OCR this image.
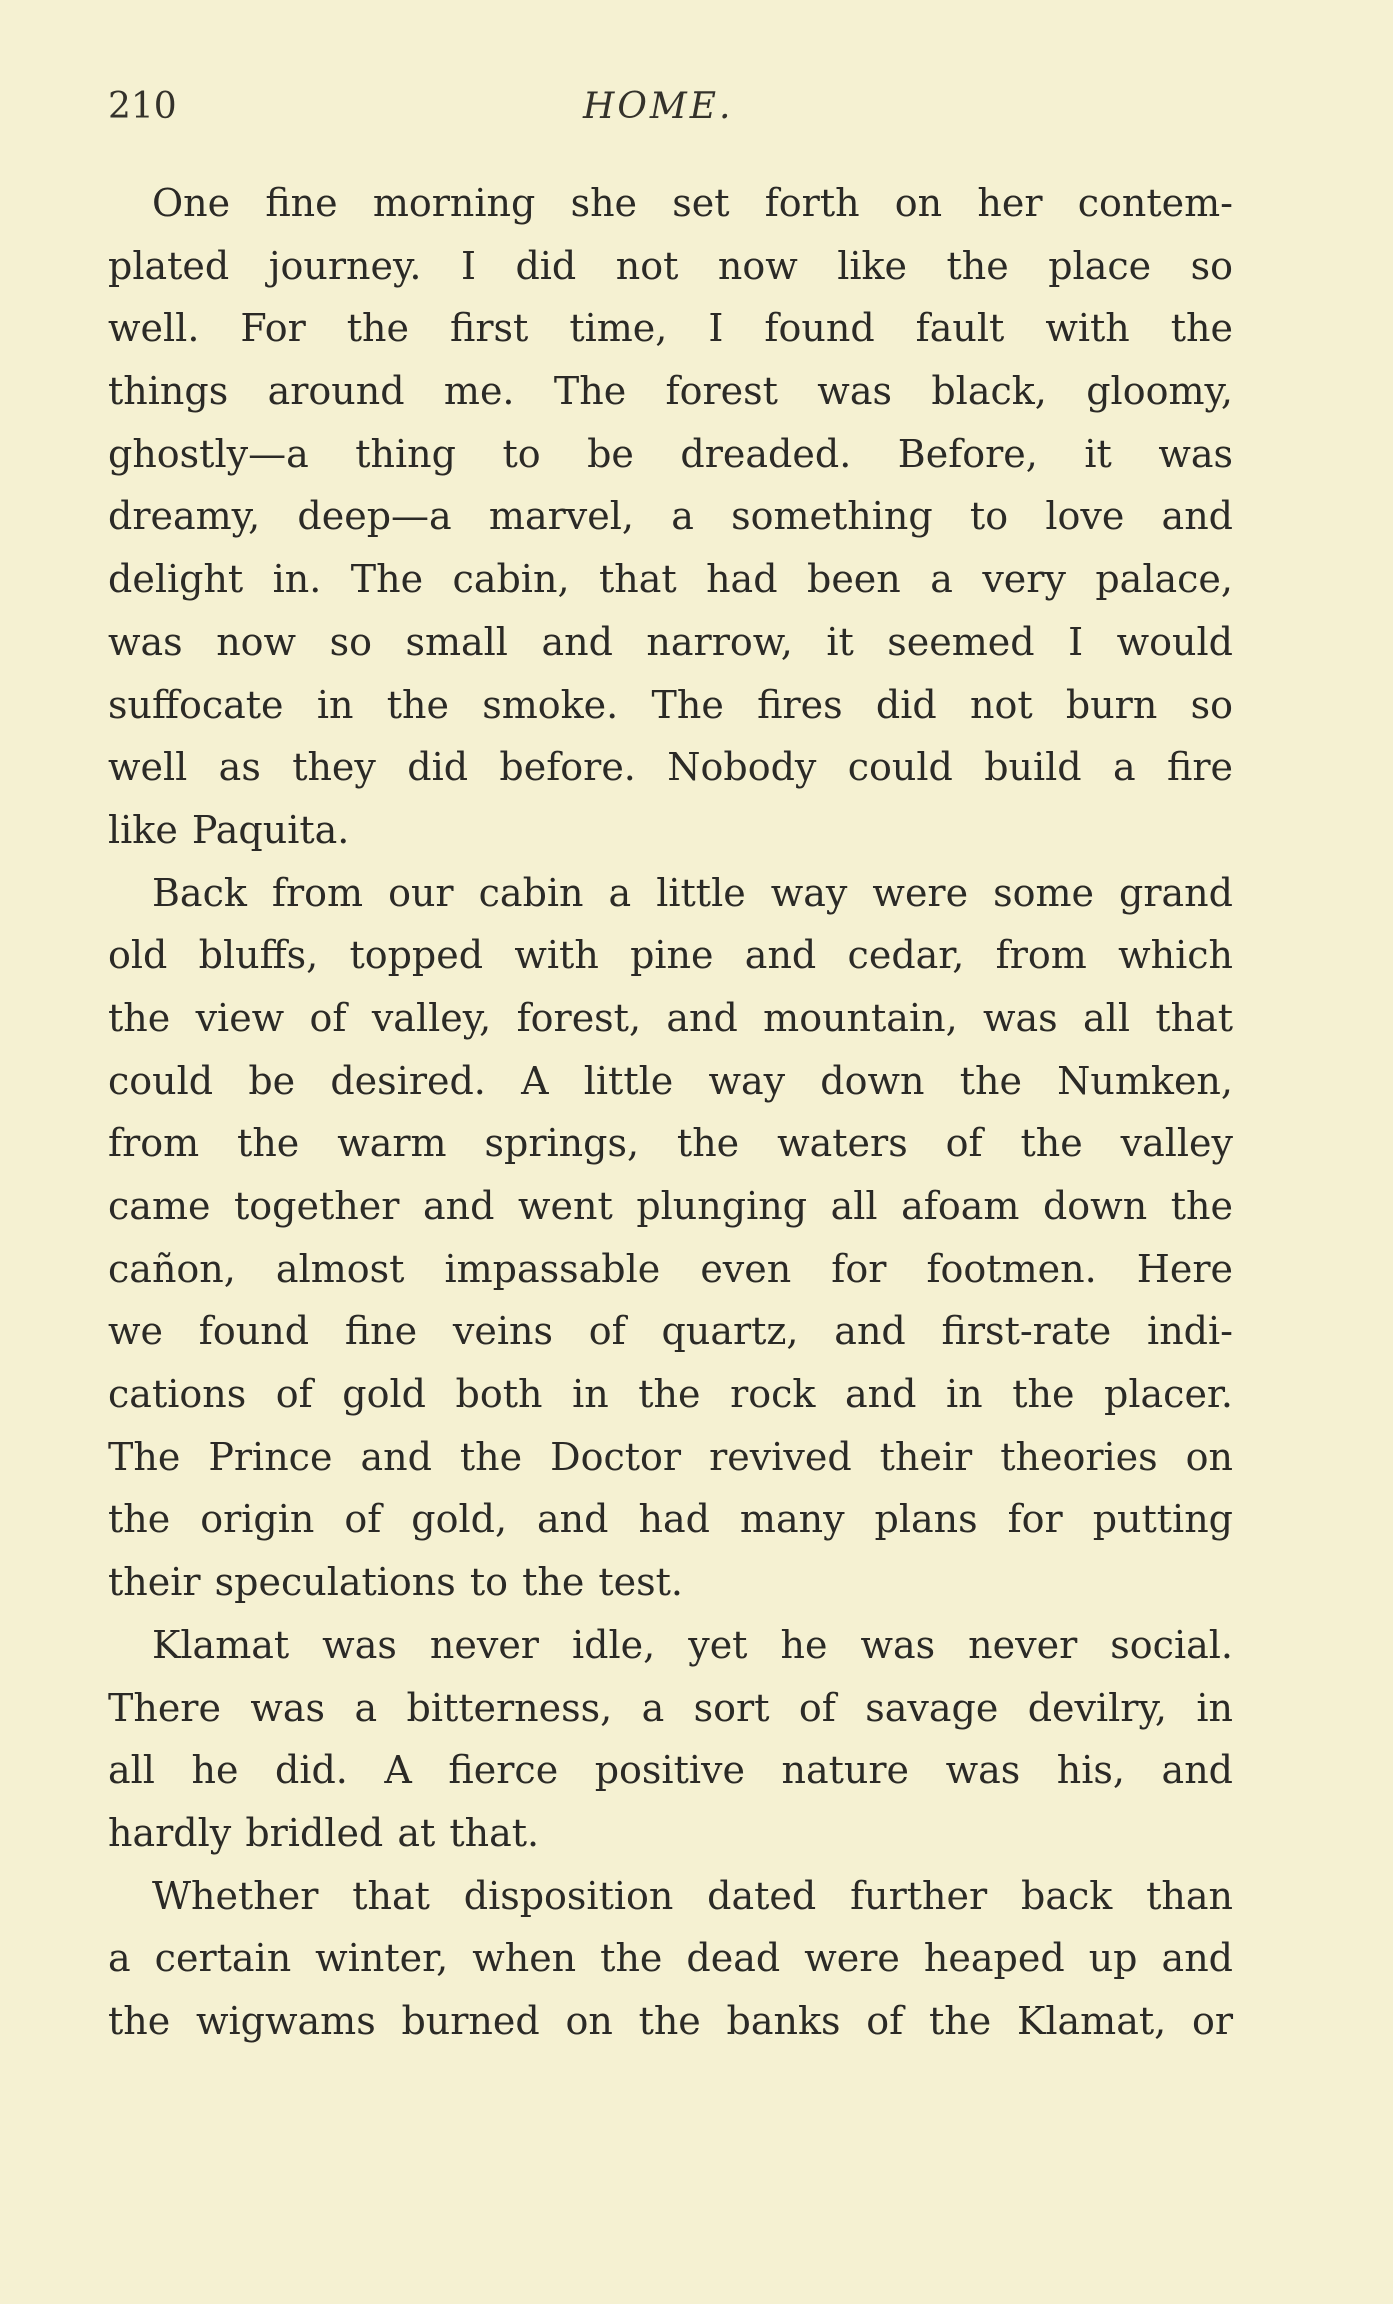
210	HOME.
One fine morning she set forth on her contem-
plated journey. I did not now like the place so
well. For the first time, I found fault with the
things around me. The forest was black, gloomy,
ghostly—a thing to be dreaded. Before, it was
dreamy, deep—a marvel, a something to love and
delight in. The cabin, that had been a very palace,
was now so small and narrow, it seemed I would
suffocate in the smoke. The fires did not burn so
well as they did before. Nobody could build a fire
like Paquita.
Back from our cabin a little way were some grand
old bluffs, topped with pine and cedar, from which
the view of valley, forest, and mountain, was all that
could be desired. A little way down the Numken,
from the warm springs, the waters of the valley
came together and went plunging all afoam down the
cañon, almost impassable even for footmen. Here
we found fine veins of quartz, and first-rate indi-
cations of gold both in the rock and in the placer.
The Prince and the Doctor revived their theories on
the origin of gold, and had many plans for putting
their speculations to the test.
Klamat was never idle, yet he was never social.
There was a bitterness, a sort of savage devilry, in
all he did. A fierce positive nature was his, and
hardly bridled at that.
Whether that disposition dated further back than
a certain winter, when the dead were heaped up and
the wigwams burned on the banks of the Klamat, or
